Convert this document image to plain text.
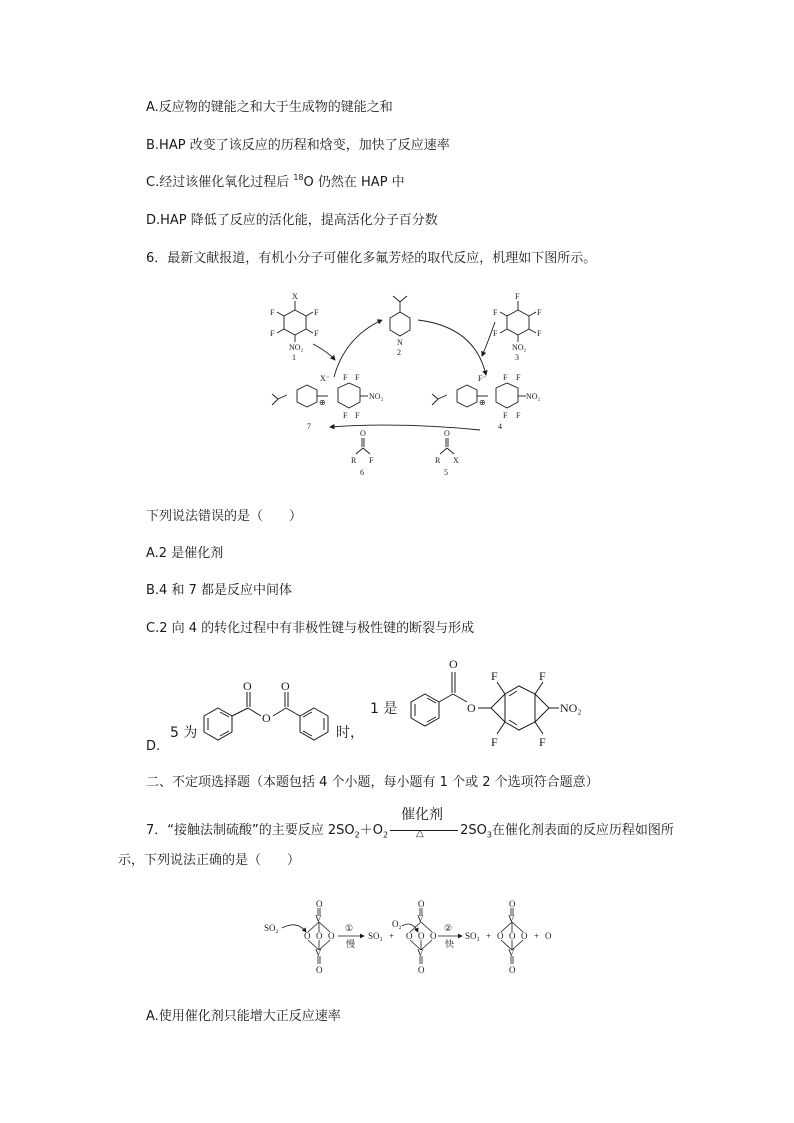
A.反应物的键能之和大于生成物的键能之和
B.HAP 改变了该反应的历程和焓变，加快了反应速率
C.经过该催化氧化过程后 $^{18}$O 仍然在 HAP 中
D.HAP 降低了反应的活化能，提高活化分子百分数
6．最新文献报道，有机小分子可催化多氟芳烃的取代反应，机理如下图所示。
X
F	F
F	F
NO₂
1
N
2
F
F	F
F	F
NO₂
3
X⁻
⊕
F F
F F
NO₂
7
F⁻
⊕
F F
F F
NO₂
4
O
R F
6
O
R X
5
下列说法错误的是（　　）
A.2 是催化剂
B.4 和 7 都是反应中间体
C.2 向 4 的转化过程中有非极性键与极性键的断裂与形成
D.
5 为	时，
1 是
O
O
O
O
O
F	F
F	F
NO₂
二、不定项选择题（本题包括 4 个小题，每小题有 1 个或 2 个选项符合题意）
催化剂
△
7．“接触法制硫酸”的主要反应 $2SO_2+O_2$	$2SO_3$在催化剂表面的反应历程如图所
示，下列说法正确的是（　　）
SO₂
O
V
O O O
V
O
①
慢
SO₃ +
O₂
O
V
O O O
V
O
②
快
SO₃ +
O
V
O O O
V
O
+ O
A.使用催化剂只能增大正反应速率
